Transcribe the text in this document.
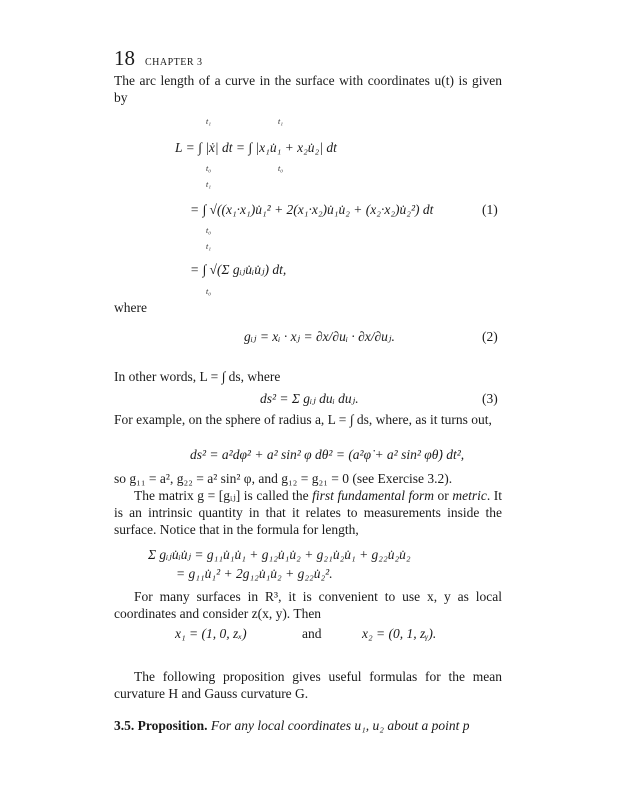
18 CHAPTER 3

The arc length of a curve in the surface with coordinates u(t) is given by

t₁
t₀
t₁
t₀
L = ∫ |ẋ| dt = ∫ |x₁u̇₁ + x₂u̇₂| dt
t₁
t₀
= ∫ √((x₁·x₁)u̇₁² + 2(x₁·x₂)u̇₁u̇₂ + (x₂·x₂)u̇₂²) dt	(1)
t₁
t₀
= ∫ √(Σ gᵢⱼu̇ᵢu̇ⱼ) dt,

where

gᵢⱼ = xᵢ · xⱼ = ∂x/∂uᵢ · ∂x/∂uⱼ.	(2)

In other words, L = ∫ ds, where

ds² = Σ gᵢⱼ duᵢ duⱼ.	(3)

For example, on the sphere of radius a, L = ∫ ds, where, as it turns out,

ds² = a²dφ² + a² sin² φ dθ² = (a²φ̇ + a² sin² φθ̇) dt²,

so g₁₁ = a², g₂₂ = a² sin² φ, and g₁₂ = g₂₁ = 0 (see Exercise 3.2).

The matrix g = [gᵢⱼ] is called the first fundamental form or metric. It is an intrinsic quantity in that it relates to measurements inside the surface. Notice that in the formula for length,

Σ gᵢⱼu̇ᵢu̇ⱼ = g₁₁u̇₁u̇₁ + g₁₂u̇₁u̇₂ + g₂₁u̇₂u̇₁ + g₂₂u̇₂u̇₂
= g₁₁u̇₁² + 2g₁₂u̇₁u̇₂ + g₂₂u̇₂².

For many surfaces in R³, it is convenient to use x, y as local coordinates and consider z(x, y). Then

x₁ = (1, 0, zₓ)	and	x₂ = (0, 1, zᵧ).

The following proposition gives useful formulas for the mean curvature H and Gauss curvature G.

3.5. Proposition. For any local coordinates u₁, u₂ about a point p
